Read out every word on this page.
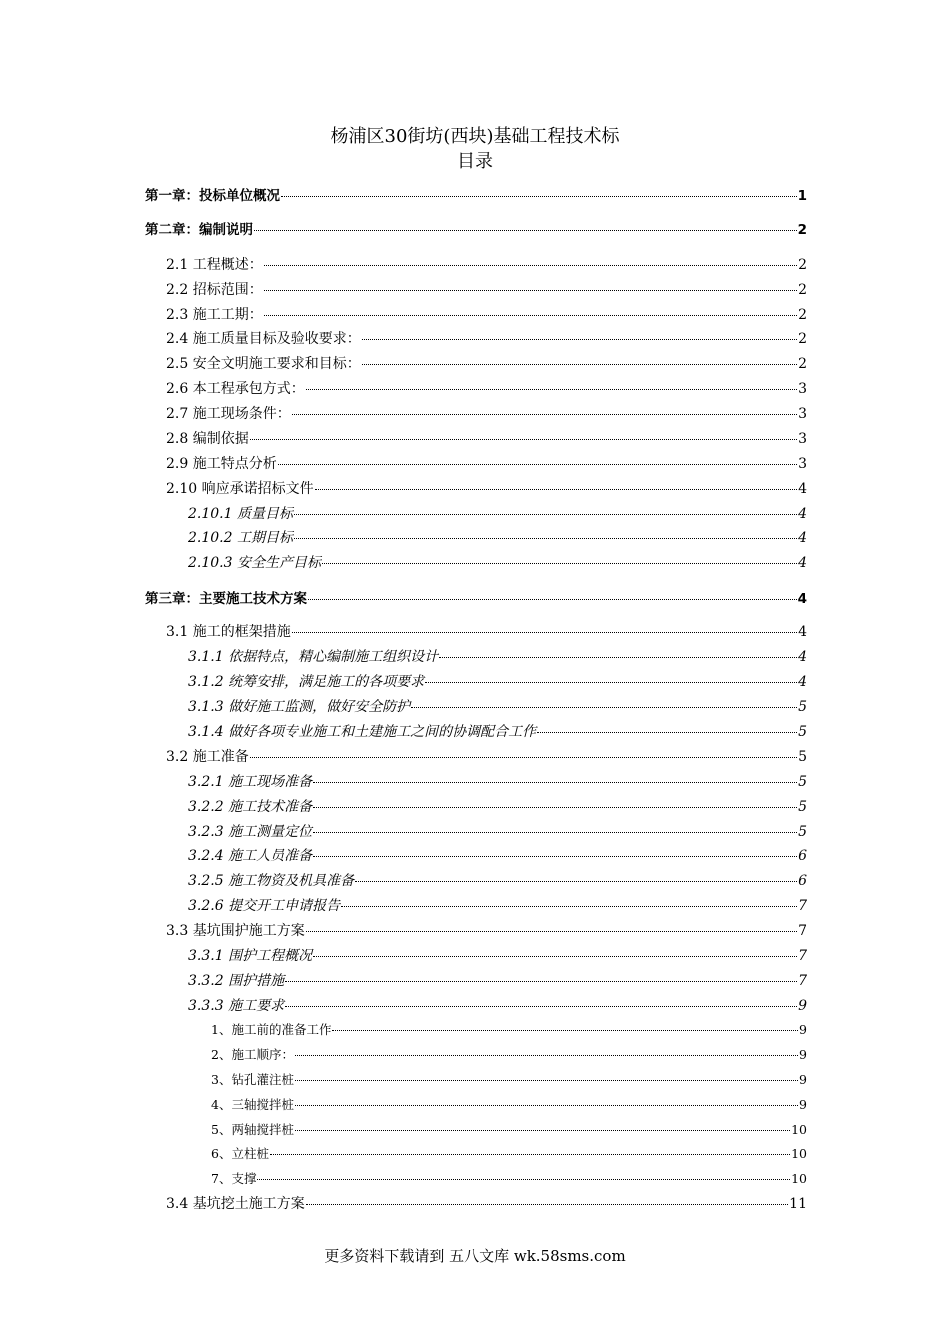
杨浦区30街坊(西块)基础工程技术标
目录
第一章：投标单位概况	1
第二章：编制说明	2
2.1 工程概述：	2
2.2 招标范围：	2
2.3 施工工期：	2
2.4 施工质量目标及验收要求：	2
2.5 安全文明施工要求和目标：	2
2.6 本工程承包方式：	3
2.7 施工现场条件：	3
2.8 编制依据	3
2.9 施工特点分析	3
2.10 响应承诺招标文件	4
2.10.1 质量目标	4
2.10.2 工期目标	4
2.10.3 安全生产目标	4
第三章：主要施工技术方案	4
3.1 施工的框架措施	4
3.1.1 依据特点，精心编制施工组织设计	4
3.1.2 统筹安排，满足施工的各项要求	4
3.1.3 做好施工监测，做好安全防护	5
3.1.4 做好各项专业施工和土建施工之间的协调配合工作	5
3.2 施工准备	5
3.2.1 施工现场准备	5
3.2.2 施工技术准备	5
3.2.3 施工测量定位	5
3.2.4 施工人员准备	6
3.2.5 施工物资及机具准备	6
3.2.6 提交开工申请报告	7
3.3 基坑围护施工方案	7
3.3.1 围护工程概况	7
3.3.2 围护措施	7
3.3.3 施工要求	9
1、施工前的准备工作	9
2、施工顺序：	9
3、钻孔灌注桩	9
4、三轴搅拌桩	9
5、两轴搅拌桩	10
6、立柱桩	10
7、支撑	10
3.4 基坑挖土施工方案	11
更多资料下载请到 五八文库 wk.58sms.com
